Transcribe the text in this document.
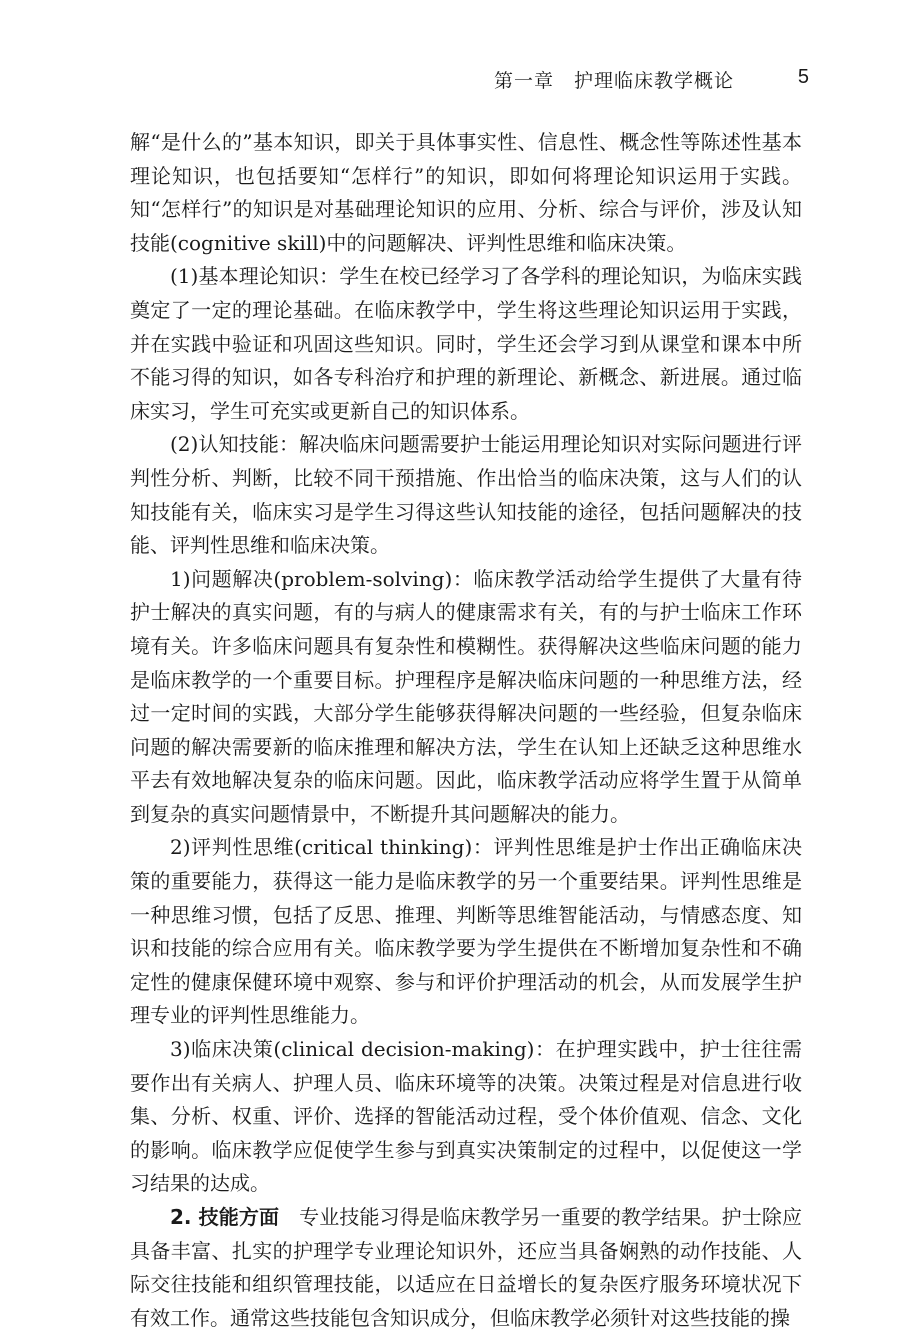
第一章　护理临床教学概论	5

解“是什么的”基本知识，即关于具体事实性、信息性、概念性等陈述性基本理论知识，也包括要知“怎样行”的知识，即如何将理论知识运用于实践。知“怎样行”的知识是对基础理论知识的应用、分析、综合与评价，涉及认知技能(cognitive skill)中的问题解决、评判性思维和临床决策。

(1)基本理论知识：学生在校已经学习了各学科的理论知识，为临床实践奠定了一定的理论基础。在临床教学中，学生将这些理论知识运用于实践，并在实践中验证和巩固这些知识。同时，学生还会学习到从课堂和课本中所不能习得的知识，如各专科治疗和护理的新理论、新概念、新进展。通过临床实习，学生可充实或更新自己的知识体系。

(2)认知技能：解决临床问题需要护士能运用理论知识对实际问题进行评判性分析、判断，比较不同干预措施、作出恰当的临床决策，这与人们的认知技能有关，临床实习是学生习得这些认知技能的途径，包括问题解决的技能、评判性思维和临床决策。

1)问题解决(problem-solving)：临床教学活动给学生提供了大量有待护士解决的真实问题，有的与病人的健康需求有关，有的与护士临床工作环境有关。许多临床问题具有复杂性和模糊性。获得解决这些临床问题的能力是临床教学的一个重要目标。护理程序是解决临床问题的一种思维方法，经过一定时间的实践，大部分学生能够获得解决问题的一些经验，但复杂临床问题的解决需要新的临床推理和解决方法，学生在认知上还缺乏这种思维水平去有效地解决复杂的临床问题。因此，临床教学活动应将学生置于从简单到复杂的真实问题情景中，不断提升其问题解决的能力。

2)评判性思维(critical thinking)：评判性思维是护士作出正确临床决策的重要能力，获得这一能力是临床教学的另一个重要结果。评判性思维是一种思维习惯，包括了反思、推理、判断等思维智能活动，与情感态度、知识和技能的综合应用有关。临床教学要为学生提供在不断增加复杂性和不确定性的健康保健环境中观察、参与和评价护理活动的机会，从而发展学生护理专业的评判性思维能力。

3)临床决策(clinical decision-making)：在护理实践中，护士往往需要作出有关病人、护理人员、临床环境等的决策。决策过程是对信息进行收集、分析、权重、评价、选择的智能活动过程，受个体价值观、信念、文化的影响。临床教学应促使学生参与到真实决策制定的过程中，以促使这一学习结果的达成。

2. 技能方面　专业技能习得是临床教学另一重要的教学结果。护士除应具备丰富、扎实的护理学专业理论知识外，还应当具备娴熟的动作技能、人际交往技能和组织管理技能，以适应在日益增长的复杂医疗服务环境状况下有效工作。通常这些技能包含知识成分，但临床教学必须针对这些技能的操
